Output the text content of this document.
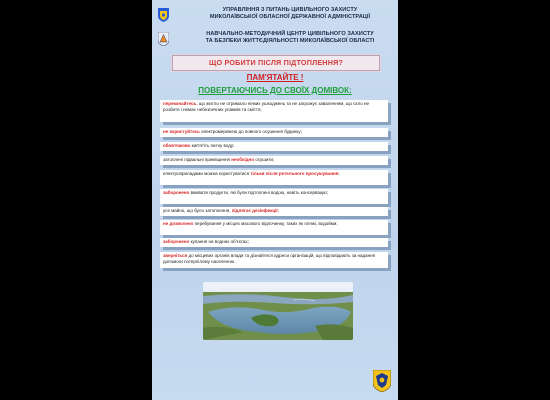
УПРАВЛІННЯ З ПИТАНЬ ЦИВІЛЬНОГО ЗАХИСТУ
МИКОЛАЇВСЬКОЇ ОБЛАСНОЇ ДЕРЖАВНОЇ АДМІНІСТРАЦІЇ
НАВЧАЛЬНО-МЕТОДИЧНИЙ ЦЕНТР ЦИВІЛЬНОГО ЗАХИСТУ
ТА БЕЗПЕКИ ЖИТТЄДІЯЛЬНОСТІ МИКОЛАЇВСЬКОЇ ОБЛАСТІ
ЩО РОБИТИ ПІСЛЯ ПІДТОПЛЕННЯ?
ПАМ'ЯТАЙТЕ !
ПОВЕРТАЮЧИСЬ ДО СВОЇХ ДОМІВОК:
переконайтесь, що житло не отримало ніяких ушкоджень та не загрожує заваленням, що скло не розбите і немає небезпечних уламків та сміття;
не користуйтесь електромережею до повного осушення будинку;
обов'язково кип'ятіть питну воду;
затоплені підвальні приміщення необхідно осушити;
електроприладами можна користуватися тільки після ретельного просушування;
заборонено вживати продукти, які були підтоплені водою, навіть консервацію;
усе майно, що було затоплення, підлягає дезінфекції;
не дозволено перебування у місцях масового відпочинку, таких як пляжі, водойми;
заборонено купання на водних об'єктах;
зверніться до місцевих органів влади та дізнайтеся адреси організацій, що відповідають за надання допомоги потерпілому населенню.
